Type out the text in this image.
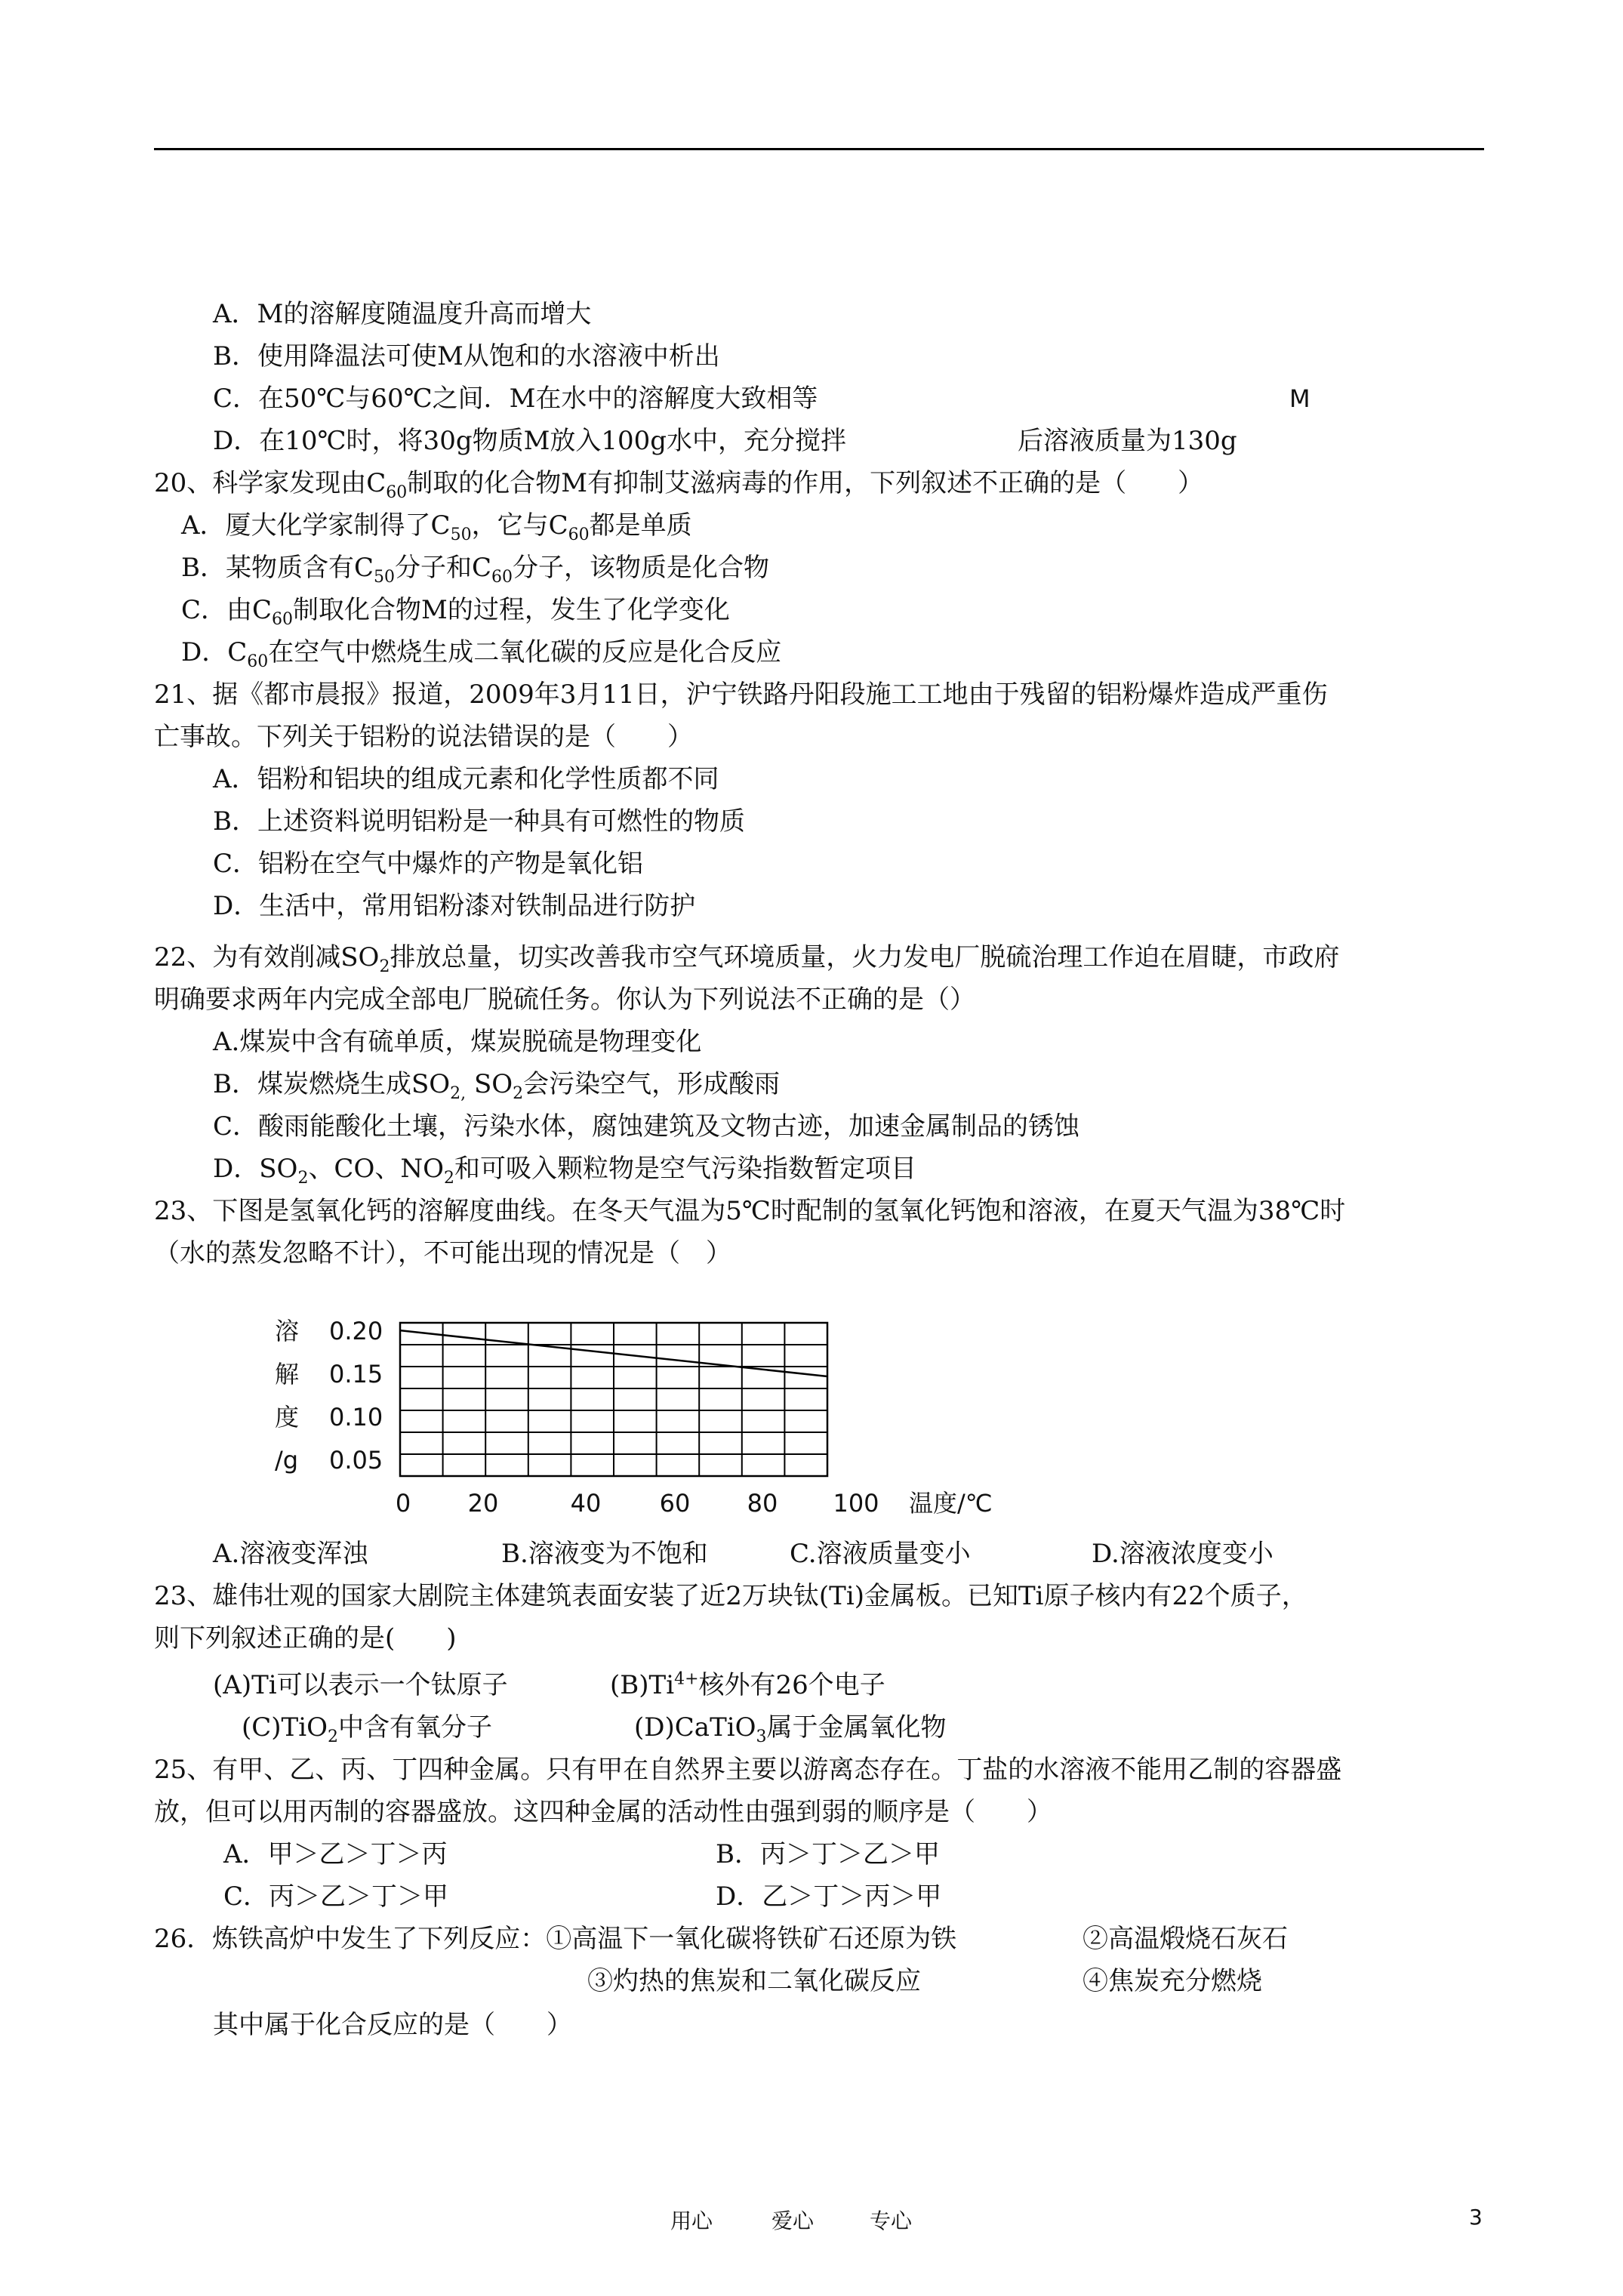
A．M的溶解度随温度升高而增大
B．使用降温法可使M从饱和的水溶液中析出
C．在50℃与60℃之间．M在水中的溶解度大致相等	M
D．在10℃时，将30g物质M放入100g水中，充分搅拌	后溶液质量为130g
20、科学家发现由$C_{60}$制取的化合物M有抑制艾滋病毒的作用，下列叙述不正确的是（　　）
A．厦大化学家制得了$C_{50}$，它与$C_{60}$都是单质
B．某物质含有$C_{50}$分子和$C_{60}$分子，该物质是化合物
C．由$C_{60}$制取化合物M的过程，发生了化学变化
D．$C_{60}$在空气中燃烧生成二氧化碳的反应是化合反应
21、据《都市晨报》报道，2009年3月11日，沪宁铁路丹阳段施工工地由于残留的铝粉爆炸造成严重伤
亡事故。下列关于铝粉的说法错误的是（　　）
A．铝粉和铝块的组成元素和化学性质都不同
B．上述资料说明铝粉是一种具有可燃性的物质
C．铝粉在空气中爆炸的产物是氧化铝
D．生活中，常用铝粉漆对铁制品进行防护
22、为有效削减$SO_2$排放总量，切实改善我市空气环境质量，火力发电厂脱硫治理工作迫在眉睫，市政府
明确要求两年内完成全部电厂脱硫任务。你认为下列说法不正确的是（）
A.煤炭中含有硫单质，煤炭脱硫是物理变化
B．煤炭燃烧生成$SO_{2,}$ $SO_2$会污染空气，形成酸雨
C．酸雨能酸化土壤，污染水体，腐蚀建筑及文物古迹，加速金属制品的锈蚀
D．$SO_2$、CO、$NO_2$和可吸入颗粒物是空气污染指数暂定项目
23、下图是氢氧化钙的溶解度曲线。在冬天气温为5℃时配制的氢氧化钙饱和溶液，在夏天气温为38℃时
（水的蒸发忽略不计），不可能出现的情况是（　）
0.20
0.15
0.10
0.05
溶
解
度
/g
0 20	40 60 80 100 温度/℃
A.溶液变浑浊	B.溶液变为不饱和	C.溶液质量变小	D.溶液浓度变小
23、雄伟壮观的国家大剧院主体建筑表面安装了近2万块钛(Ti)金属板。已知Ti原子核内有22个质子，
则下列叙述正确的是(　　)
(A)Ti可以表示一个钛原子	$(B)Ti^{4+}$核外有26个电子
(C)TiO$_2$中含有氧分子	(D)CaTiO$_3$属于金属氧化物
25、有甲、乙、丙、丁四种金属。只有甲在自然界主要以游离态存在。丁盐的水溶液不能用乙制的容器盛
放，但可以用丙制的容器盛放。这四种金属的活动性由强到弱的顺序是（　　）
A．甲＞乙＞丁＞丙	B．丙＞丁＞乙＞甲
C．丙＞乙＞丁＞甲	D．乙＞丁＞丙＞甲
26．炼铁高炉中发生了下列反应：①高温下一氧化碳将铁矿石还原为铁	②高温煅烧石灰石
③灼热的焦炭和二氧化碳反应	④焦炭充分燃烧
其中属于化合反应的是（　　）
用心	爱心	专心	3
